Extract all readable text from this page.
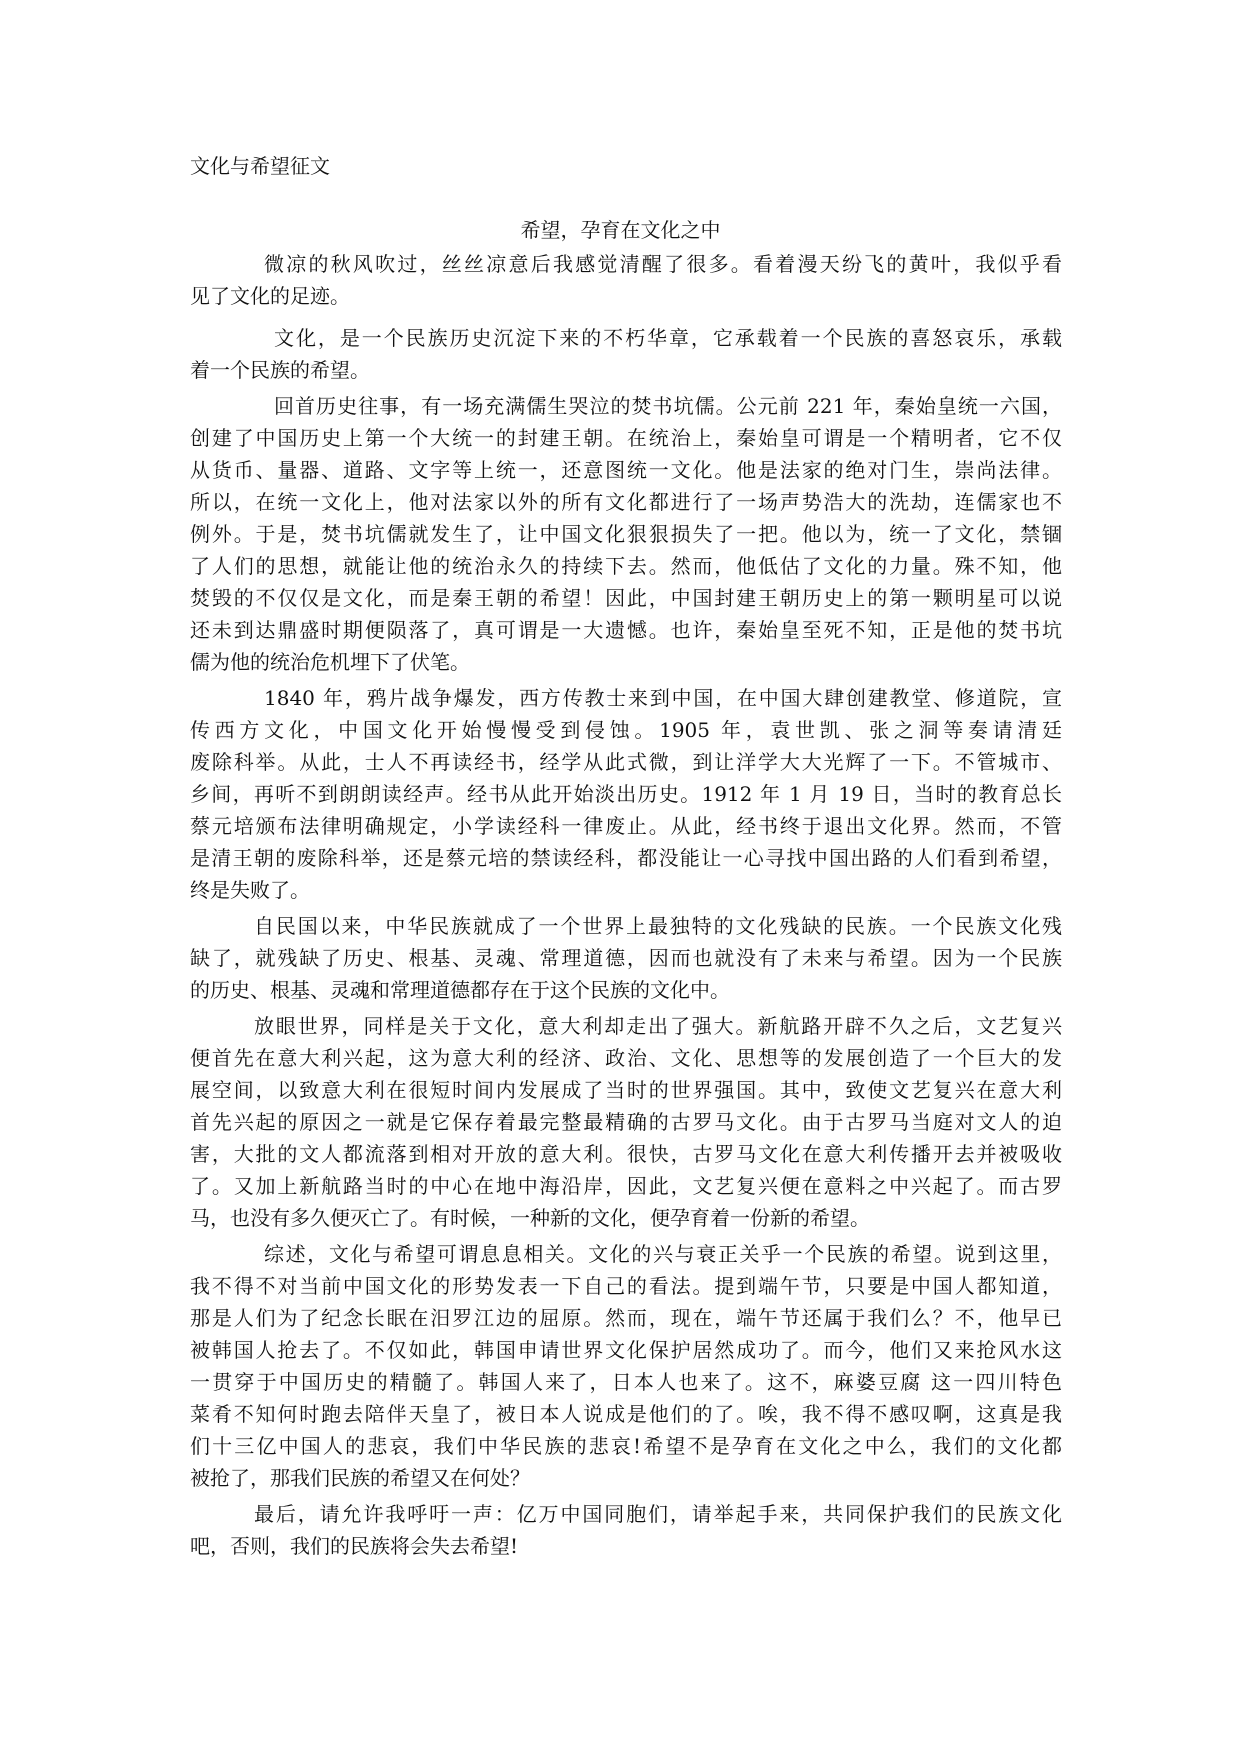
文化与希望征文
希望，孕育在文化之中
微凉的秋风吹过，丝丝凉意后我感觉清醒了很多。看着漫天纷飞的黄叶，我似乎看
见了文化的足迹。
文化，是一个民族历史沉淀下来的不朽华章，它承载着一个民族的喜怒哀乐，承载
着一个民族的希望。
回首历史往事，有一场充满儒生哭泣的焚书坑儒。公元前 221 年，秦始皇统一六国，
创建了中国历史上第一个大统一的封建王朝。在统治上，秦始皇可谓是一个精明者，它不仅
从货币、量器、道路、文字等上统一，还意图统一文化。他是法家的绝对门生，崇尚法律。
所以，在统一文化上，他对法家以外的所有文化都进行了一场声势浩大的洗劫，连儒家也不
例外。于是，焚书坑儒就发生了，让中国文化狠狠损失了一把。他以为，统一了文化，禁锢
了人们的思想，就能让他的统治永久的持续下去。然而，他低估了文化的力量。殊不知，他
焚毁的不仅仅是文化，而是秦王朝的希望！因此，中国封建王朝历史上的第一颗明星可以说
还未到达鼎盛时期便陨落了，真可谓是一大遗憾。也许，秦始皇至死不知，正是他的焚书坑
儒为他的统治危机埋下了伏笔。
1840 年，鸦片战争爆发，西方传教士来到中国，在中国大肆创建教堂、修道院，宣
传西方文化，中国文化开始慢慢受到侵蚀。1905 年，袁世凯、张之洞等奏请清廷
废除科举。从此，士人不再读经书，经学从此式微，到让洋学大大光辉了一下。不管城市、
乡间，再听不到朗朗读经声。经书从此开始淡出历史。1912 年 1 月 19 日，当时的教育总长
蔡元培颁布法律明确规定，小学读经科一律废止。从此，经书终于退出文化界。然而，不管
是清王朝的废除科举，还是蔡元培的禁读经科，都没能让一心寻找中国出路的人们看到希望，
终是失败了。
自民国以来，中华民族就成了一个世界上最独特的文化残缺的民族。一个民族文化残
缺了，就残缺了历史、根基、灵魂、常理道德，因而也就没有了未来与希望。因为一个民族
的历史、根基、灵魂和常理道德都存在于这个民族的文化中。
放眼世界，同样是关于文化，意大利却走出了强大。新航路开辟不久之后，文艺复兴
便首先在意大利兴起，这为意大利的经济、政治、文化、思想等的发展创造了一个巨大的发
展空间，以致意大利在很短时间内发展成了当时的世界强国。其中，致使文艺复兴在意大利
首先兴起的原因之一就是它保存着最完整最精确的古罗马文化。由于古罗马当庭对文人的迫
害，大批的文人都流落到相对开放的意大利。很快，古罗马文化在意大利传播开去并被吸收
了。又加上新航路当时的中心在地中海沿岸，因此，文艺复兴便在意料之中兴起了。而古罗
马，也没有多久便灭亡了。有时候，一种新的文化，便孕育着一份新的希望。
综述，文化与希望可谓息息相关。文化的兴与衰正关乎一个民族的希望。说到这里，
我不得不对当前中国文化的形势发表一下自己的看法。提到端午节，只要是中国人都知道，
那是人们为了纪念长眠在汨罗江边的屈原。然而，现在，端午节还属于我们么？不，他早已
被韩国人抢去了。不仅如此，韩国申请世界文化保护居然成功了。而今，他们又来抢风水这
一贯穿于中国历史的精髓了。韩国人来了，日本人也来了。这不，麻婆豆腐 这一四川特色
菜肴不知何时跑去陪伴天皇了，被日本人说成是他们的了。唉，我不得不感叹啊，这真是我
们十三亿中国人的悲哀，我们中华民族的悲哀!希望不是孕育在文化之中么，我们的文化都
被抢了，那我们民族的希望又在何处？
最后，请允许我呼吁一声：亿万中国同胞们，请举起手来，共同保护我们的民族文化
吧，否则，我们的民族将会失去希望!
